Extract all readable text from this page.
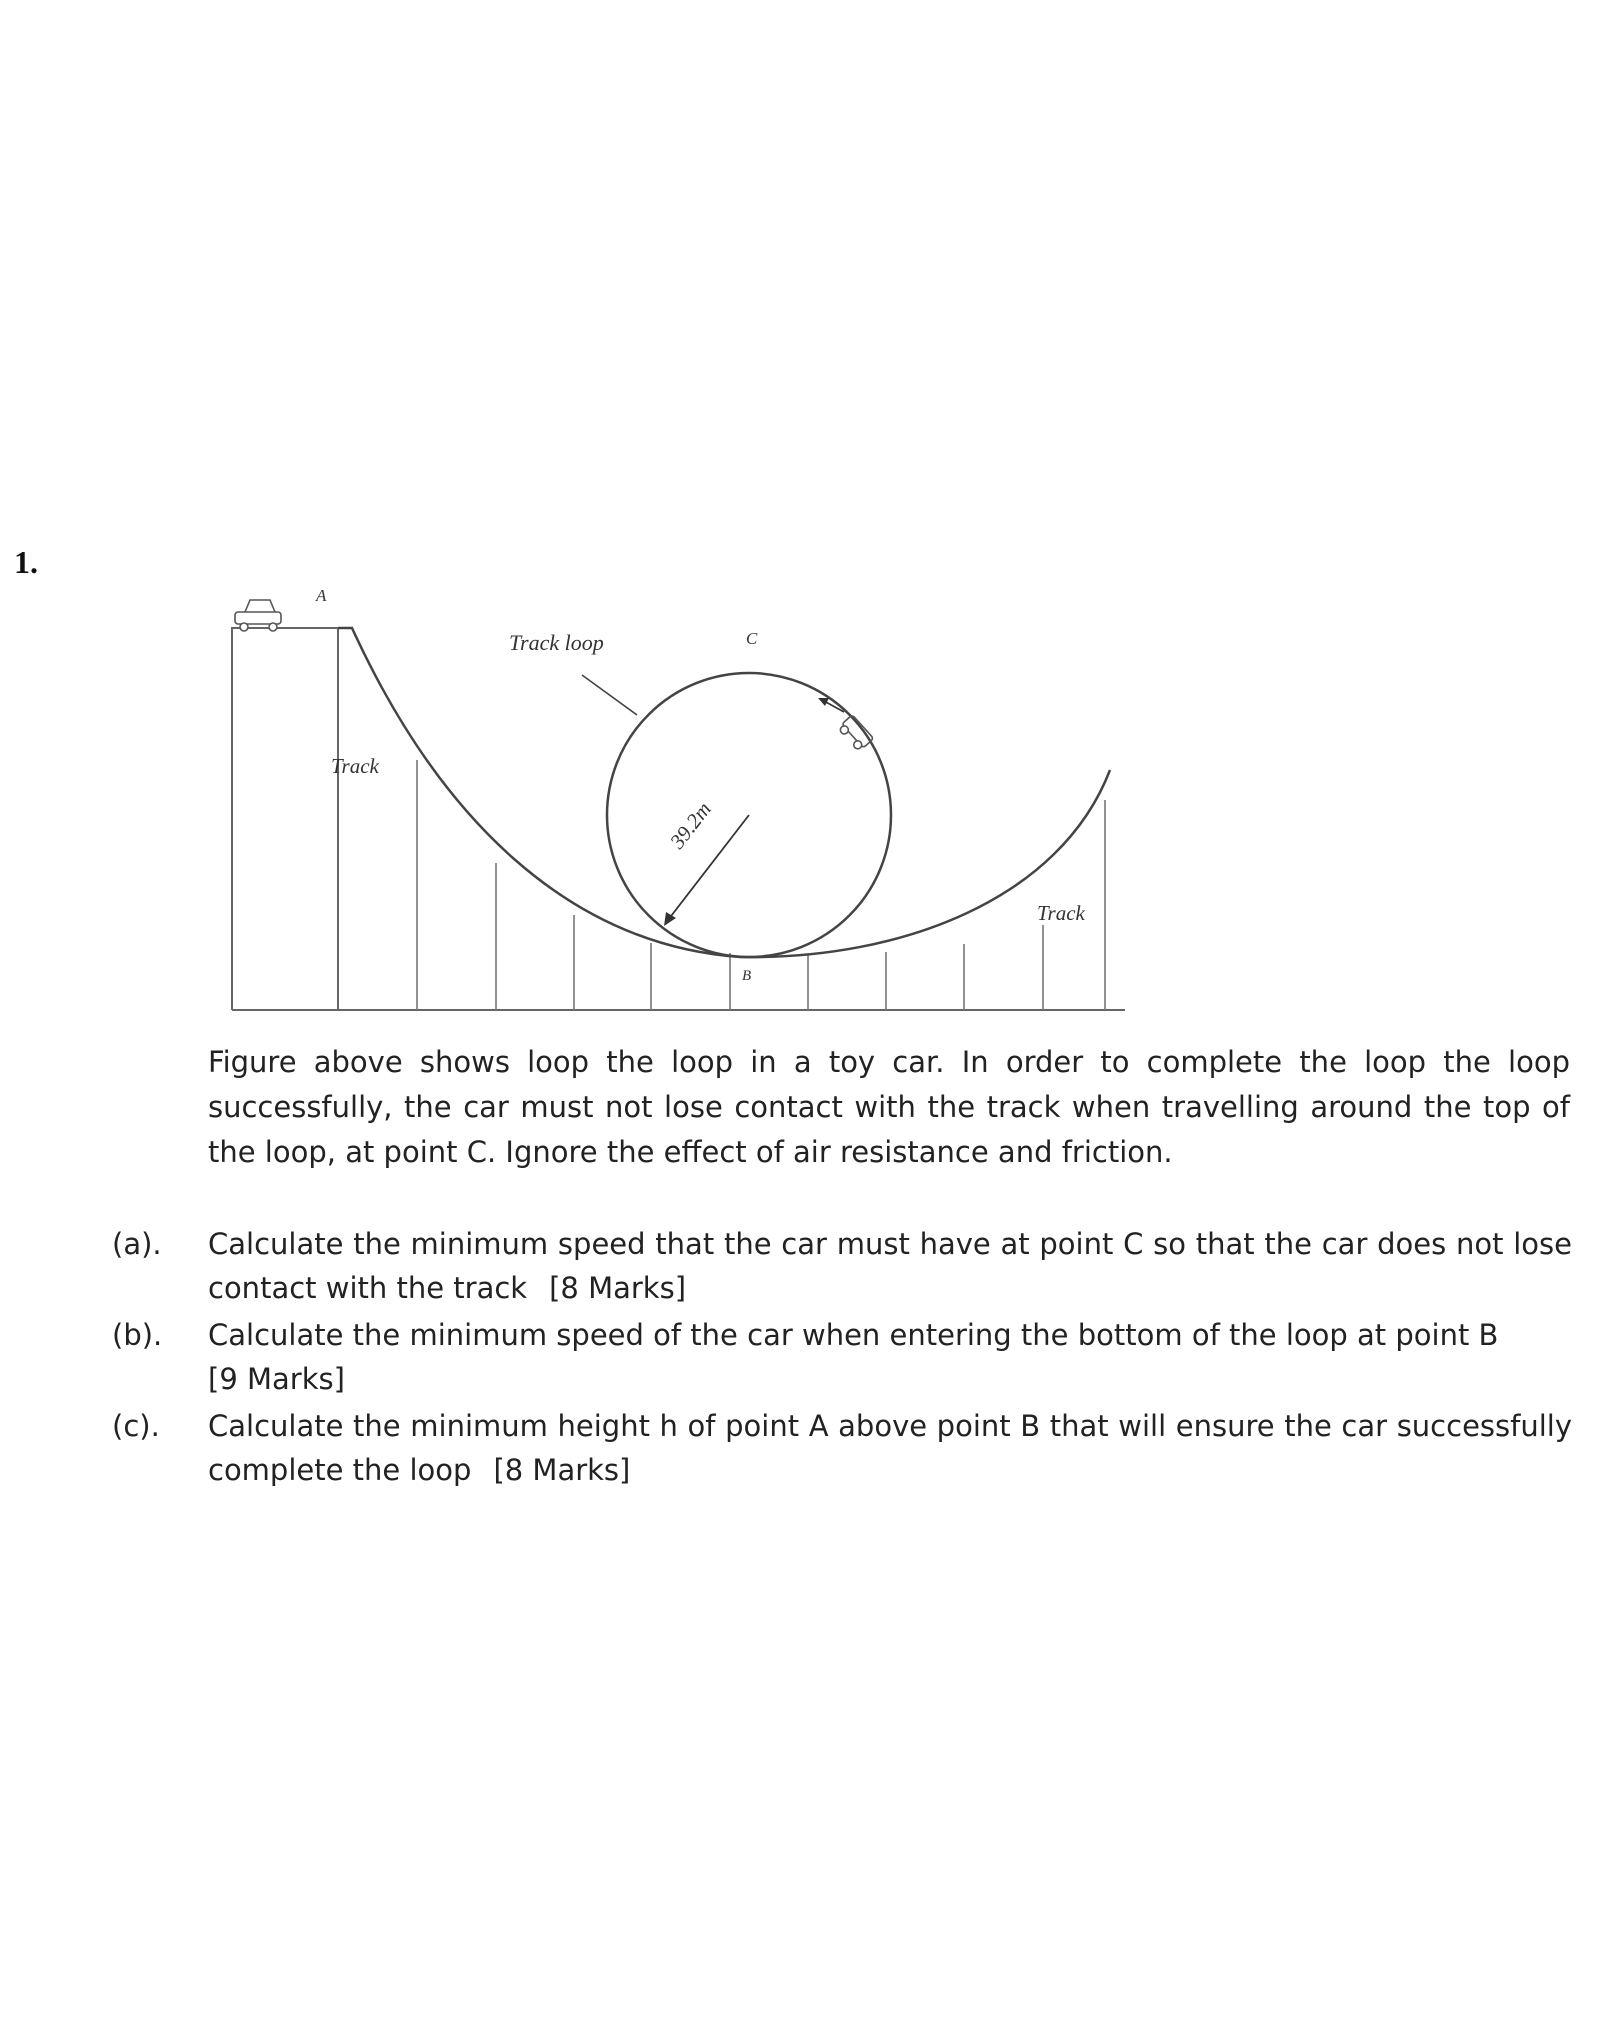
1.
A
C
B
Track loop
Track
Track
39.2m
Figure above shows loop the loop in a toy car. In order to complete the loop the loop successfully, the car must not lose contact with the track when travelling around the top of the loop, at point C. Ignore the effect of air resistance and friction.
(a). Calculate the minimum speed that the car must have at point C so that the car does not lose contact with the track [8 Marks]
(b). Calculate the minimum speed of the car when entering the bottom of the loop at point B
[9 Marks]
(c). Calculate the minimum height h of point A above point B that will ensure the car successfully complete the loop [8 Marks]
